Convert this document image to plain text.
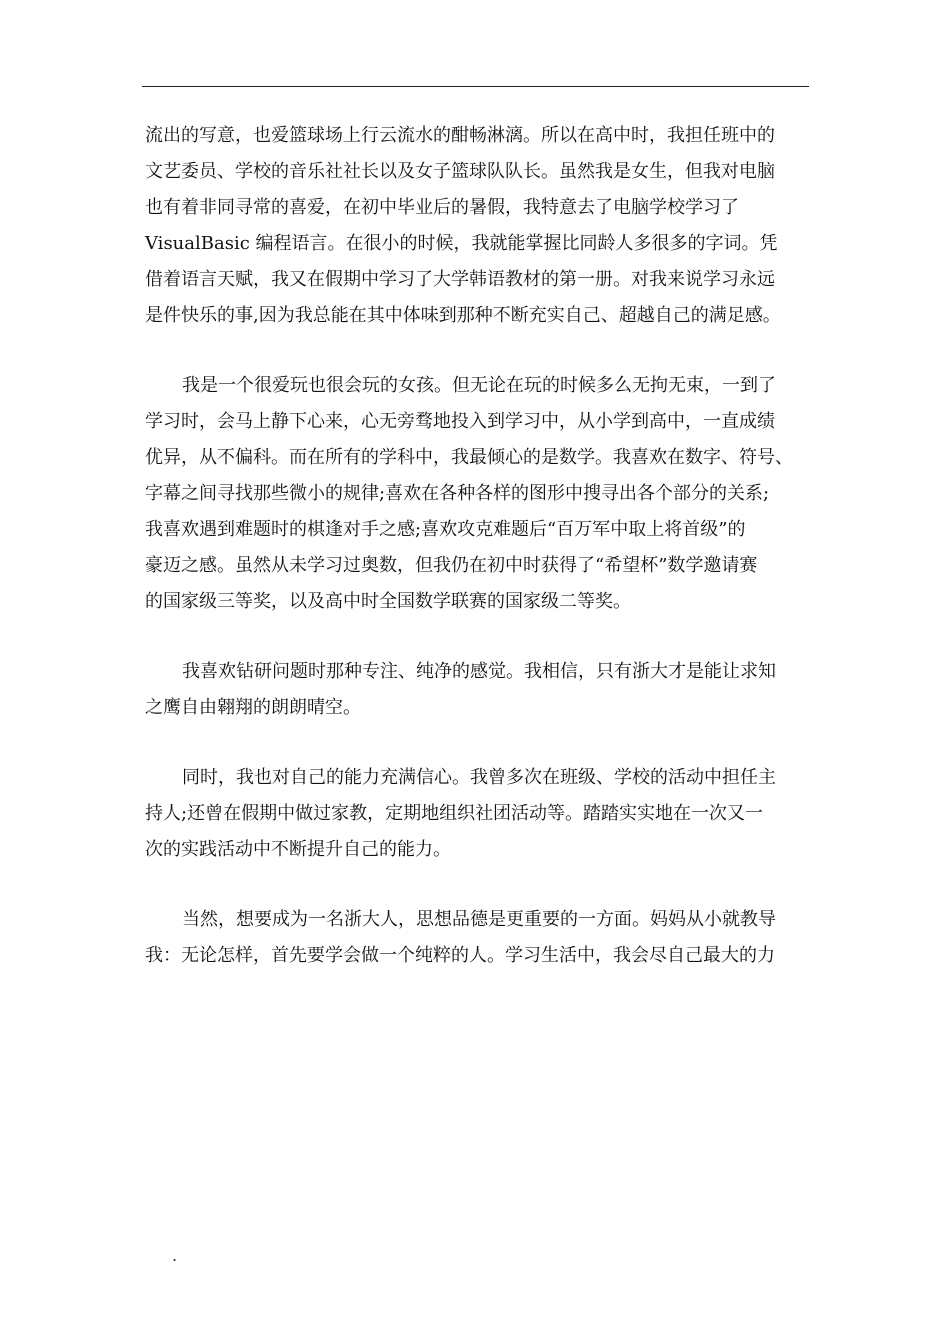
流出的写意，也爱篮球场上行云流水的酣畅淋漓。所以在高中时，我担任班中的
文艺委员、学校的音乐社社长以及女子篮球队队长。虽然我是女生，但我对电脑
也有着非同寻常的喜爱，在初中毕业后的暑假，我特意去了电脑学校学习了
VisualBasic 编程语言。在很小的时候，我就能掌握比同龄人多很多的字词。凭
借着语言天赋，我又在假期中学习了大学韩语教材的第一册。对我来说学习永远
是件快乐的事,因为我总能在其中体味到那种不断充实自己、超越自己的满足感。
我是一个很爱玩也很会玩的女孩。但无论在玩的时候多么无拘无束，一到了
学习时，会马上静下心来，心无旁骛地投入到学习中，从小学到高中，一直成绩
优异，从不偏科。而在所有的学科中，我最倾心的是数学。我喜欢在数字、符号、
字幕之间寻找那些微小的规律;喜欢在各种各样的图形中搜寻出各个部分的关系;
我喜欢遇到难题时的棋逢对手之感;喜欢攻克难题后“百万军中取上将首级”的
豪迈之感。虽然从未学习过奥数，但我仍在初中时获得了“希望杯”数学邀请赛
的国家级三等奖，以及高中时全国数学联赛的国家级二等奖。
我喜欢钻研问题时那种专注、纯净的感觉。我相信，只有浙大才是能让求知
之鹰自由翱翔的朗朗晴空。
同时，我也对自己的能力充满信心。我曾多次在班级、学校的活动中担任主
持人;还曾在假期中做过家教，定期地组织社团活动等。踏踏实实地在一次又一
次的实践活动中不断提升自己的能力。
当然，想要成为一名浙大人，思想品德是更重要的一方面。妈妈从小就教导
我：无论怎样，首先要学会做一个纯粹的人。学习生活中，我会尽自己最大的力
.
